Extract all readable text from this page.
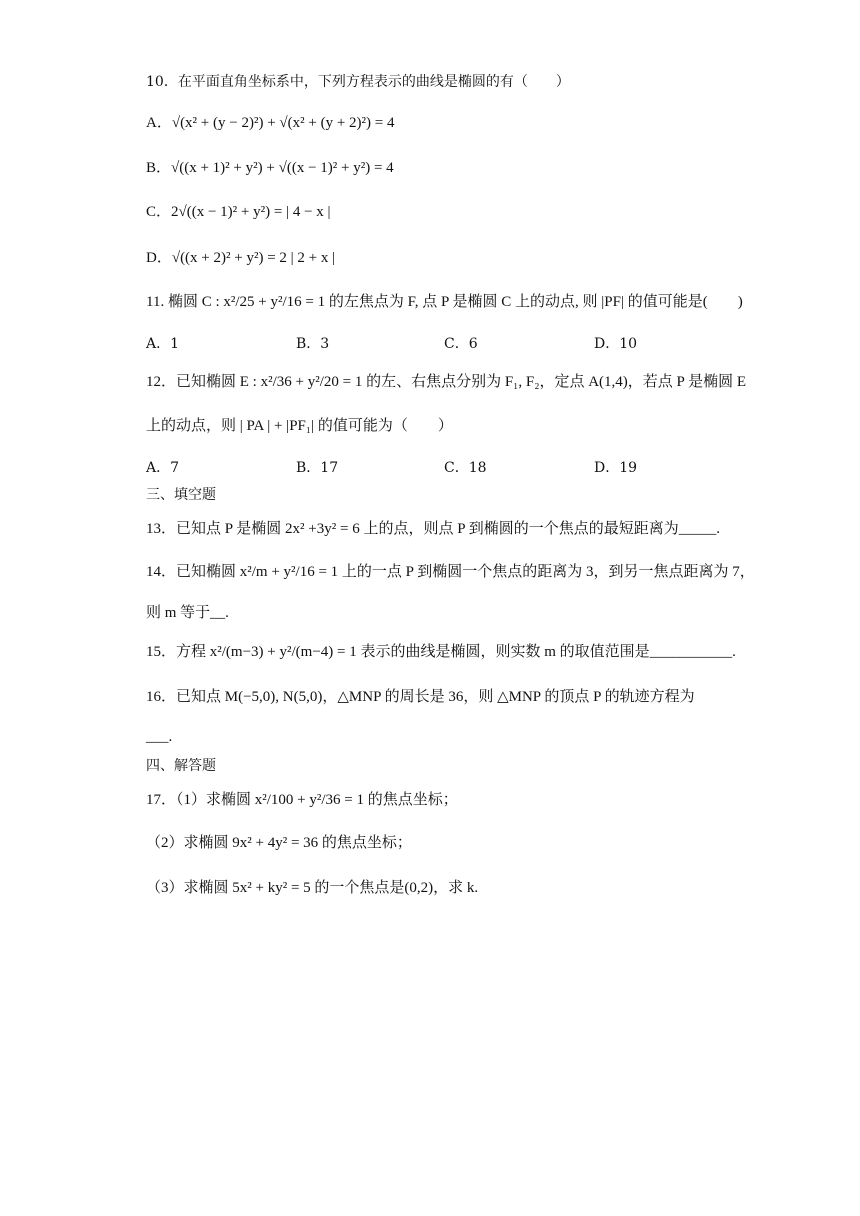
10．在平面直角坐标系中，下列方程表示的曲线是椭圆的有（　　）
A．√(x² + (y − 2)²) + √(x² + (y + 2)²) = 4
B．√((x + 1)² + y²) + √((x − 1)² + y²) = 4
C．2√((x − 1)² + y²) = | 4 − x |
D．√((x + 2)² + y²) = 2 | 2 + x |
11. 椭圆 C : x²/25 + y²/16 = 1 的左焦点为 F, 点 P 是椭圆 C 上的动点, 则 |PF| 的值可能是(　　)
A．1	B．3	C．6	D．10
12．已知椭圆 E : x²/36 + y²/20 = 1 的左、右焦点分别为 F₁, F₂，定点 A(1,4)，若点 P 是椭圆 E
上的动点，则 | PA | + |PF₁| 的值可能为（　　）
A．7	B．17	C．18	D．19
三、填空题
13．已知点 P 是椭圆 2x² +3y² = 6 上的点，则点 P 到椭圆的一个焦点的最短距离为_____.
14．已知椭圆 x²/m + y²/16 = 1 上的一点 P 到椭圆一个焦点的距离为 3，到另一焦点距离为 7，
则 m 等于__.
15．方程 x²/(m−3) + y²/(m−4) = 1 表示的曲线是椭圆，则实数 m 的取值范围是___________.
16．已知点 M(−5,0), N(5,0)，△MNP 的周长是 36，则 △MNP 的顶点 P 的轨迹方程为
___.
四、解答题
17．（1）求椭圆 x²/100 + y²/36 = 1 的焦点坐标；
（2）求椭圆 9x² + 4y² = 36 的焦点坐标；
（3）求椭圆 5x² + ky² = 5 的一个焦点是(0,2)，求 k.
